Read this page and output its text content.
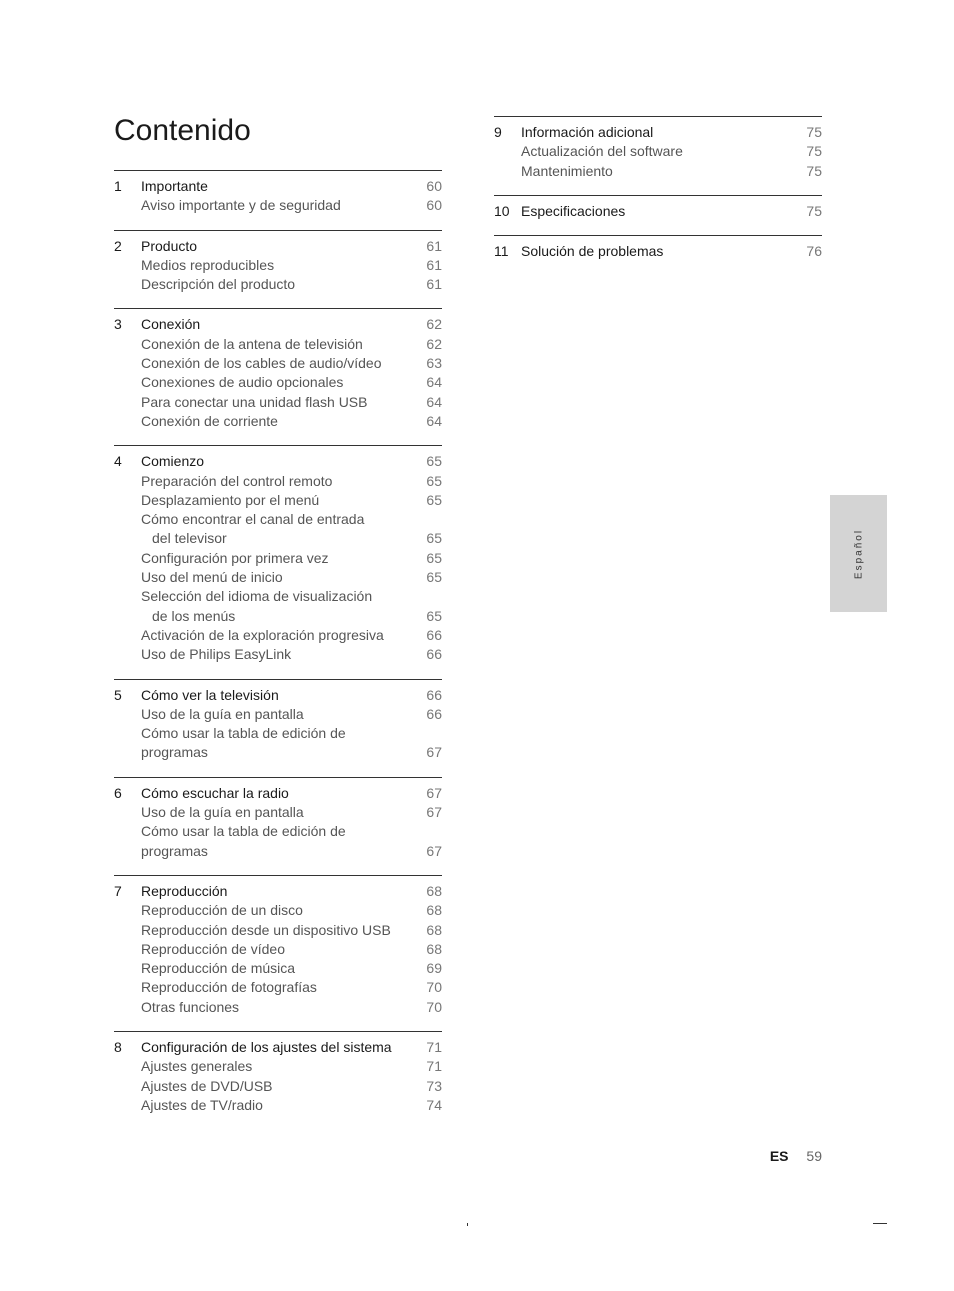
Contenido
1	Importante	60
Aviso importante y de seguridad	60
2	Producto	61
Medios reproducibles	61
Descripción del producto	61
3	Conexión	62
Conexión de la antena de televisión	62
Conexión de los cables de audio/vídeo	63
Conexiones de audio opcionales	64
Para conectar una unidad flash USB	64
Conexión de corriente	64
4	Comienzo	65
Preparación del control remoto	65
Desplazamiento por el menú	65
Cómo encontrar el canal de entrada
del televisor	65
Configuración por primera vez	65
Uso del menú de inicio	65
Selección del idioma de visualización
de los menús	65
Activación de la exploración progresiva	66
Uso de Philips EasyLink	66
5	Cómo ver la televisión	66
Uso de la guía en pantalla	66
Cómo usar la tabla de edición de programas	67
6	Cómo escuchar la radio	67
Uso de la guía en pantalla	67
Cómo usar la tabla de edición de programas	67
7	Reproducción	68
Reproducción de un disco	68
Reproducción desde un dispositivo USB	68
Reproducción de vídeo	68
Reproducción de música	69
Reproducción de fotografías	70
Otras funciones	70
8	Configuración de los ajustes del sistema	71
Ajustes generales	71
Ajustes de DVD/USB	73
Ajustes de TV/radio	74
9	Información adicional	75
Actualización del software	75
Mantenimiento	75
10 Especificaciones	75
11 Solución de problemas	76
Español
ES 59
